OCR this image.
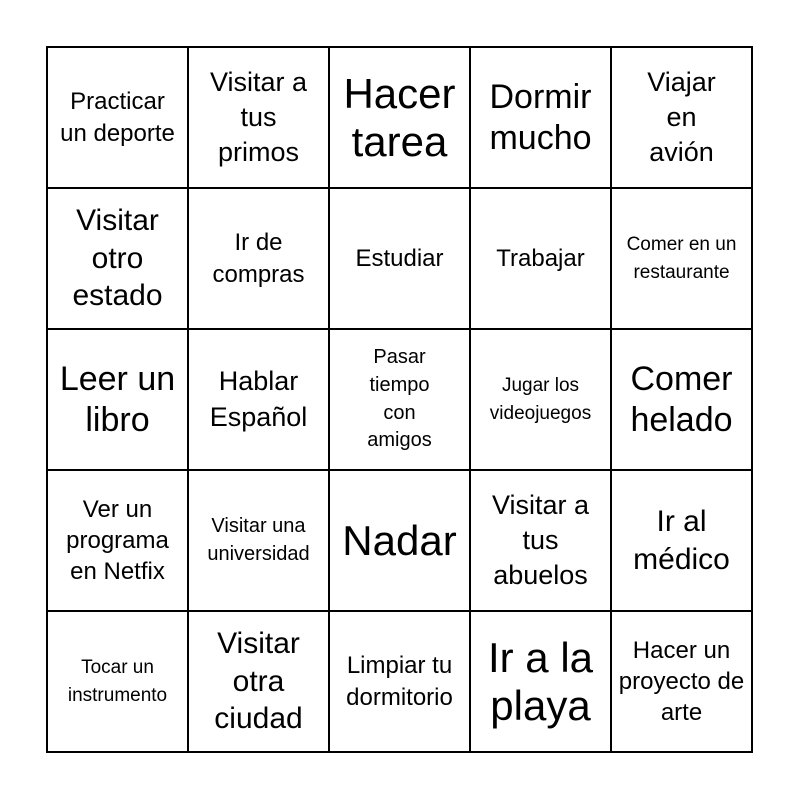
Practicar un deporte
Visitar a tus primos
Hacer tarea
Dormir mucho
Viajar en avión
Visitar otro estado
Ir de compras
Estudiar Trabajar
Comer en un restaurante
Leer un libro
Hablar Español
Pasar tiempo con amigos
Jugar los videojuegos
Comer helado
Ver un programa en Netfix
Visitar una universidad Nadar
Visitar a tus abuelos
Ir al médico
Tocar un instrumento
Visitar otra ciudad
Limpiar tu dormitorio
Ir a la playa
Hacer un proyecto de arte
